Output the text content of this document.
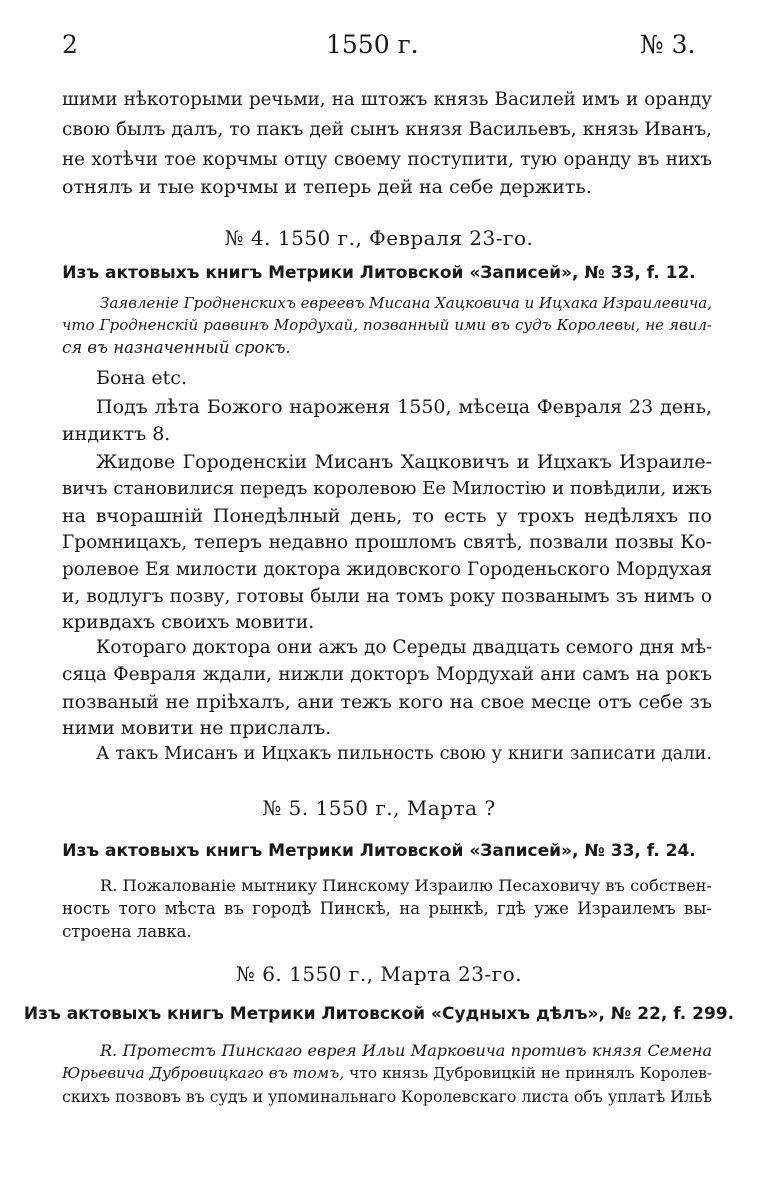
2	1550 г.	№ 3.
шими нѣкоторыми речьми, на штожъ князь Василей имъ и оранду
свою былъ далъ, то пакъ дей сынъ князя Васильевъ, князь Иванъ,
не хотѣчи тое корчмы отцу своему поступити, тую оранду въ нихъ
отнялъ и тые корчмы и теперь дей на себе держить.
№ 4. 1550 г., Февраля 23-го.
Изъ актовыхъ книгъ Метрики Литовской «Записей», № 33, f. 12.
Заявленіе Гродненскихъ евреевъ Мисана Хацковича и Ицхака Израилевича,
что Гродненскій раввинъ Мордухай, позванный ими въ судъ Королевы, не явил-
ся въ назначенный срокъ.
Бона etc.
Подъ лѣта Божого нароженя 1550, мѣсеца Февраля 23 день,
индиктъ 8.
Жидове Городенскіи Мисанъ Хацковичъ и Ицхакъ Израиле-
вичъ становилися передъ королевою Ее Милостію и повѣдили, ижъ
на вчорашній Понедѣлный день, то есть у трохъ недѣляхъ по
Громницахъ, теперъ недавно прошломъ святѣ, позвали позвы Ко-
ролевое Ея милости доктора жидовского Городеньского Мордухая
и, водлугъ позву, готовы были на томъ року позванымъ зъ нимъ о
кривдахъ своихъ мовити.
Котораго доктора они ажъ до Середы двадцать семого дня мѣ-
сяца Февраля ждали, нижли докторъ Мордухай ани самъ на рокъ
позваный не пріѣхалъ, ани тежъ кого на свое месце отъ себе зъ
ними мовити не прислалъ.
А такъ Мисанъ и Ицхакъ пильность свою у книги записати дали.
№ 5. 1550 г., Марта ?
Изъ актовыхъ книгъ Метрики Литовской «Записей», № 33, f. 24.
R. Пожалованіе мытнику Пинскому Израилю Песаховичу въ собствен-
ность того мѣста въ городѣ Пинскѣ, на рынкѣ, гдѣ уже Израилемъ вы-
строена лавка.
№ 6. 1550 г., Марта 23-го.
Изъ актовыхъ книгъ Метрики Литовской «Судныхъ дѣлъ», № 22, f. 299.
R. Протестъ Пинскаго еврея Ильи Марковича противъ князя Семена
Юрьевича Дубровицкаго въ томъ, что князь Дубровицкій не принялъ Королев-
скихъ позвовъ въ судъ и упоминальнаго Королевскаго листа объ уплатѣ Ильѣ
